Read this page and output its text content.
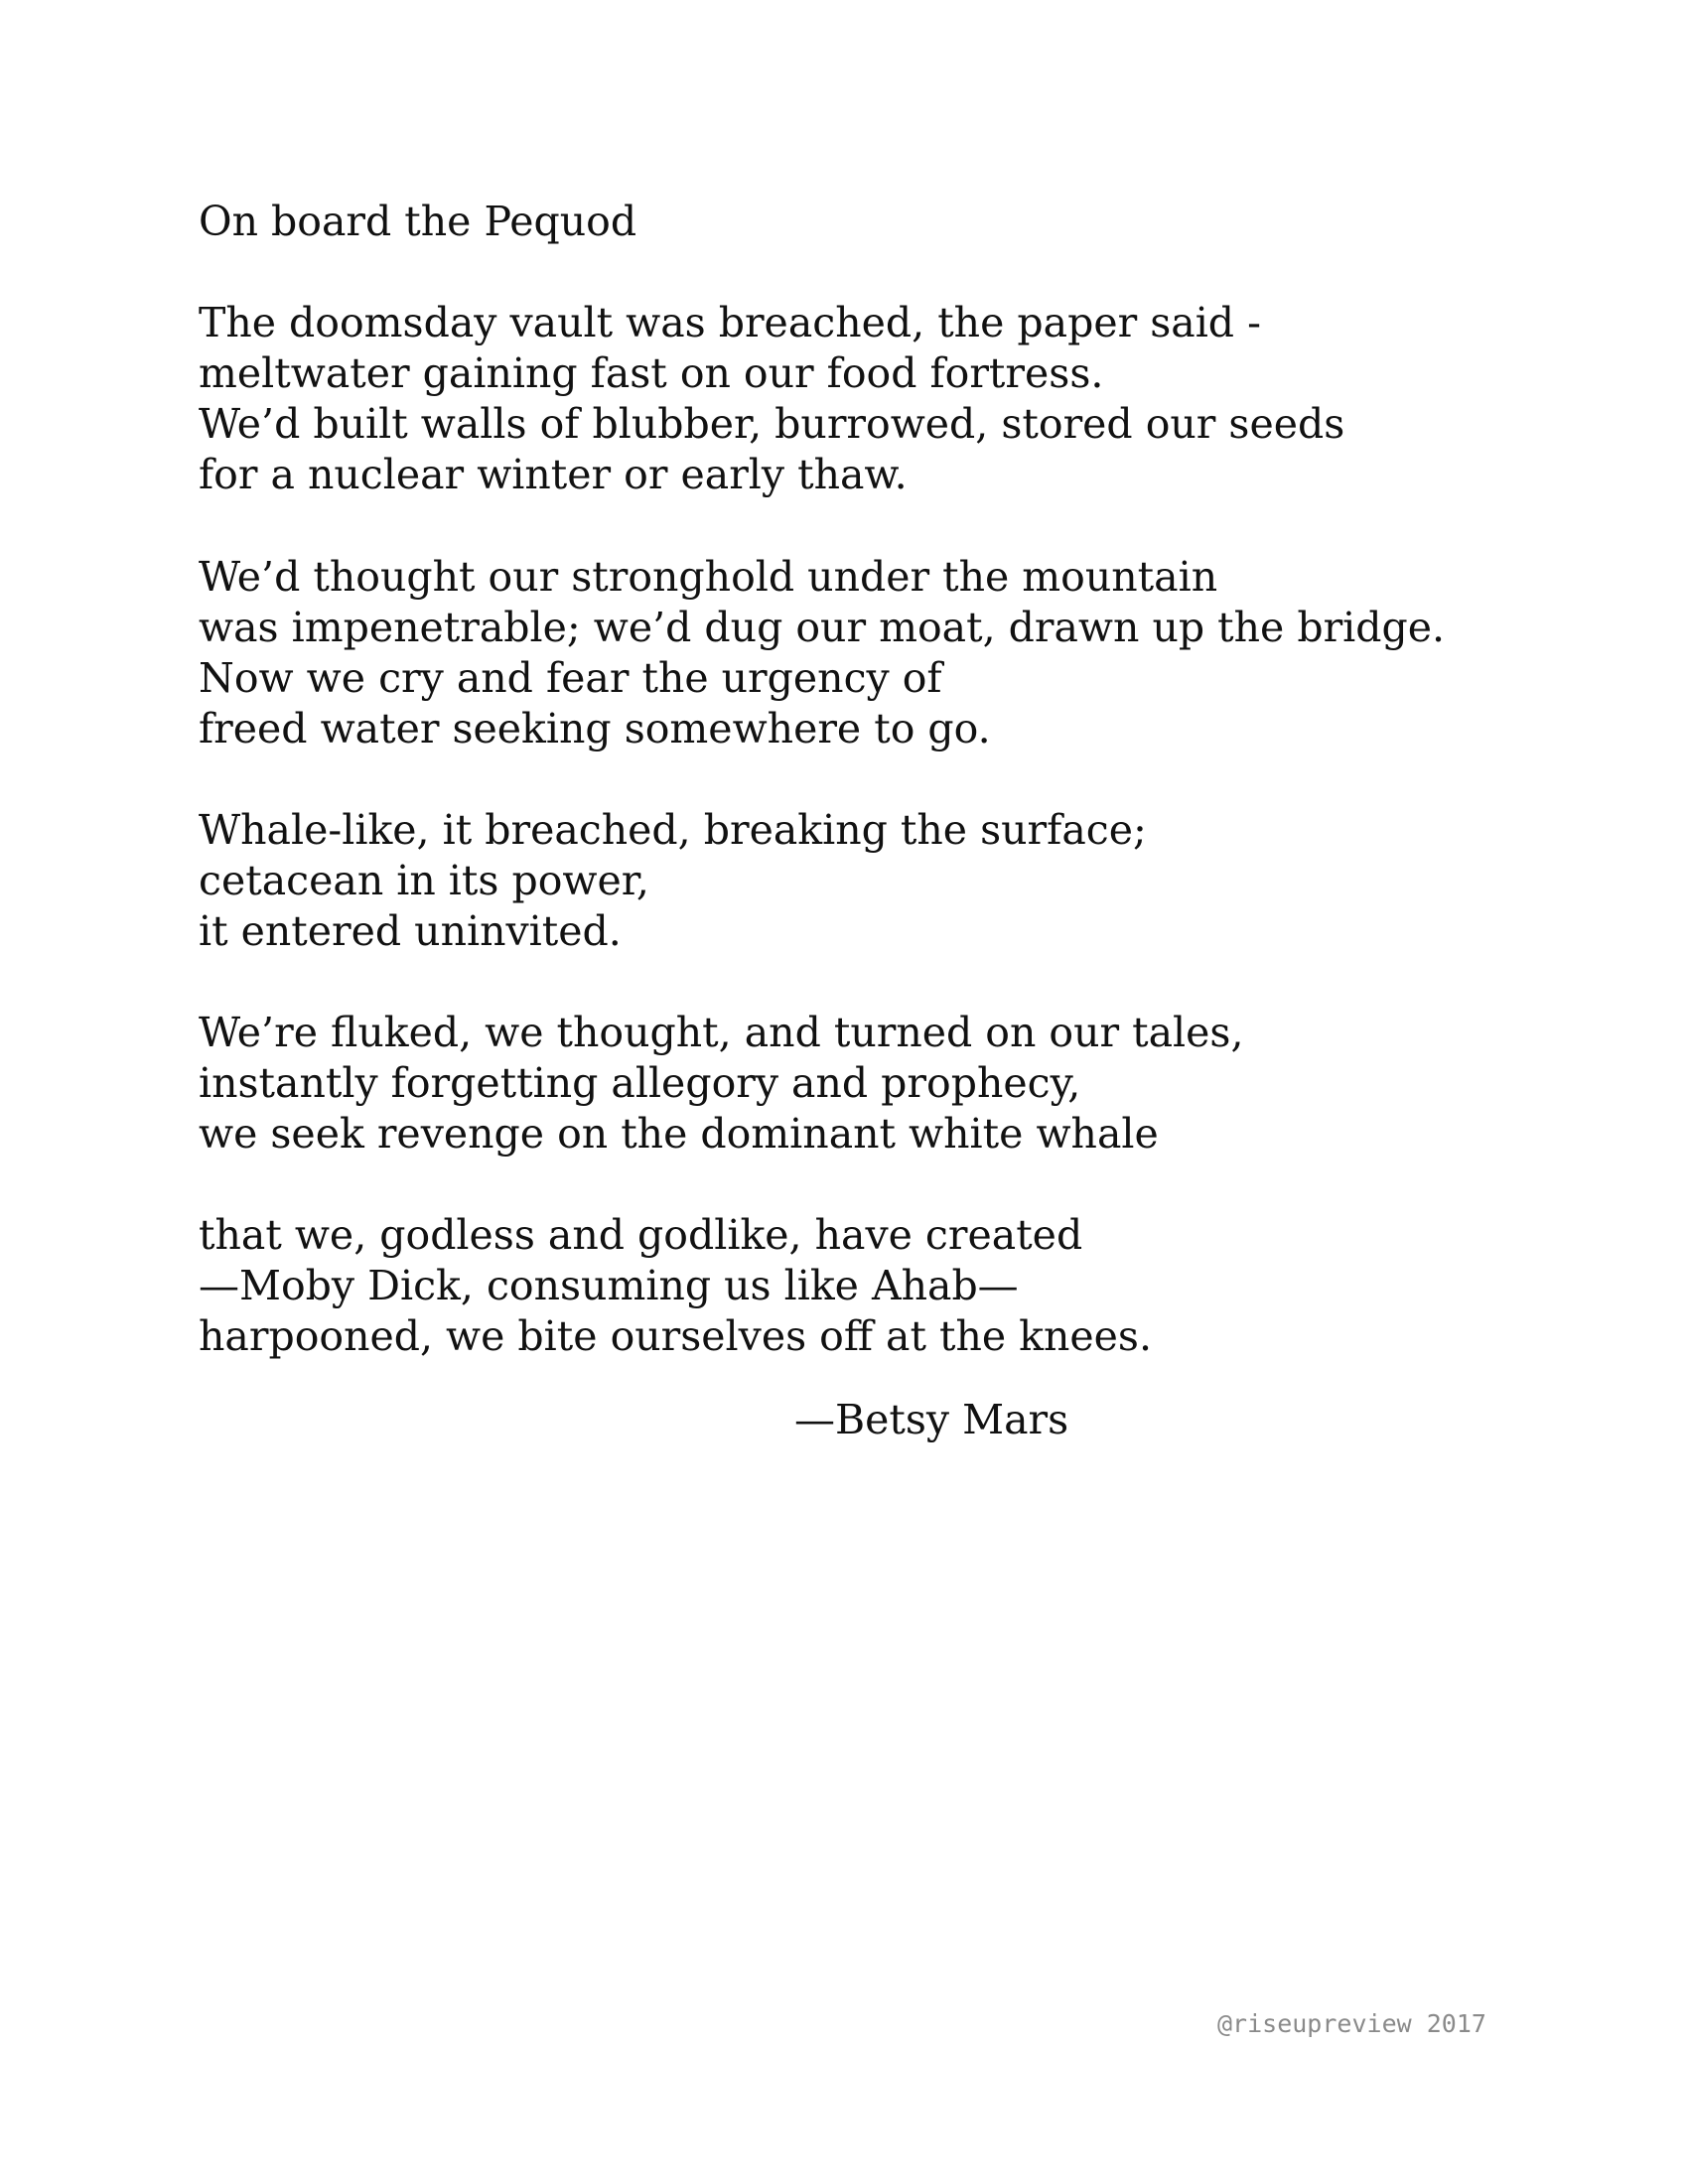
On board the Pequod
The doomsday vault was breached, the paper said -
meltwater gaining fast on our food fortress.
We’d built walls of blubber, burrowed, stored our seeds
for a nuclear winter or early thaw.
We’d thought our stronghold under the mountain
was impenetrable; we’d dug our moat, drawn up the bridge.
Now we cry and fear the urgency of
freed water seeking somewhere to go.
Whale-like, it breached, breaking the surface;
cetacean in its power,
it entered uninvited.
We’re fluked, we thought, and turned on our tales,
instantly forgetting allegory and prophecy,
we seek revenge on the dominant white whale
that we, godless and godlike, have created
—Moby Dick, consuming us like Ahab—
harpooned, we bite ourselves off at the knees.

—Betsy Mars

@riseupreview 2017
